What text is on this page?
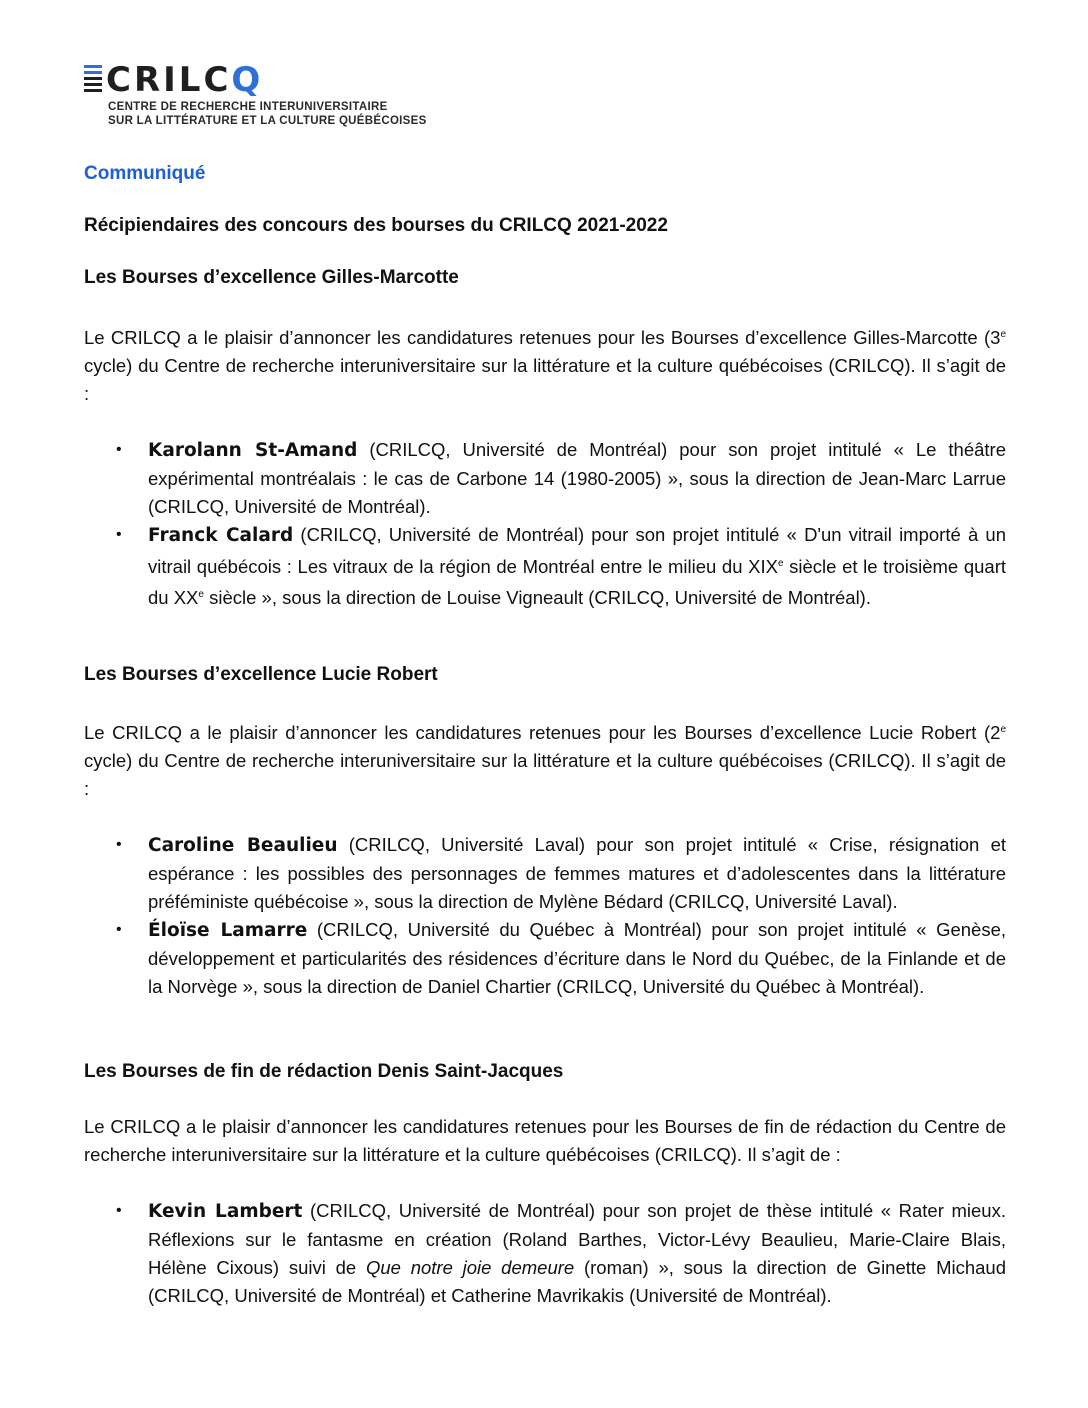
CRILCQ
CENTRE DE RECHERCHE INTERUNIVERSITAIRE
SUR LA LITTÉRATURE ET LA CULTURE QUÉBÉCOISES
Communiqué
Récipiendaires des concours des bourses du CRILCQ 2021-2022

Les Bourses d’excellence Gilles-Marcotte

Le CRILCQ a le plaisir d’annoncer les candidatures retenues pour les Bourses d’excellence Gilles-Marcotte (3e cycle) du Centre de recherche interuniversitaire sur la littérature et la culture québécoises (CRILCQ). Il s’agit de :

• Karolann St-Amand (CRILCQ, Université de Montréal) pour son projet intitulé « Le théâtre expérimental montréalais : le cas de Carbone 14 (1980-2005) », sous la direction de Jean-Marc Larrue (CRILCQ, Université de Montréal).
• Franck Calard (CRILCQ, Université de Montréal) pour son projet intitulé « D'un vitrail importé à un vitrail québécois : Les vitraux de la région de Montréal entre le milieu du XIXe siècle et le troisième quart du XXe siècle », sous la direction de Louise Vigneault (CRILCQ, Université de Montréal).

Les Bourses d’excellence Lucie Robert

Le CRILCQ a le plaisir d’annoncer les candidatures retenues pour les Bourses d’excellence Lucie Robert (2e cycle) du Centre de recherche interuniversitaire sur la littérature et la culture québécoises (CRILCQ). Il s’agit de :

• Caroline Beaulieu (CRILCQ, Université Laval) pour son projet intitulé « Crise, résignation et espérance : les possibles des personnages de femmes matures et d’adolescentes dans la littérature préféministe québécoise », sous la direction de Mylène Bédard (CRILCQ, Université Laval).
• Éloïse Lamarre (CRILCQ, Université du Québec à Montréal) pour son projet intitulé « Genèse, développement et particularités des résidences d’écriture dans le Nord du Québec, de la Finlande et de la Norvège », sous la direction de Daniel Chartier (CRILCQ, Université du Québec à Montréal).

Les Bourses de fin de rédaction Denis Saint-Jacques

Le CRILCQ a le plaisir d’annoncer les candidatures retenues pour les Bourses de fin de rédaction du Centre de recherche interuniversitaire sur la littérature et la culture québécoises (CRILCQ). Il s’agit de :

• Kevin Lambert (CRILCQ, Université de Montréal) pour son projet de thèse intitulé « Rater mieux. Réflexions sur le fantasme en création (Roland Barthes, Victor-Lévy Beaulieu, Marie-Claire Blais, Hélène Cixous) suivi de Que notre joie demeure (roman) », sous la direction de Ginette Michaud (CRILCQ, Université de Montréal) et Catherine Mavrikakis (Université de Montréal).
